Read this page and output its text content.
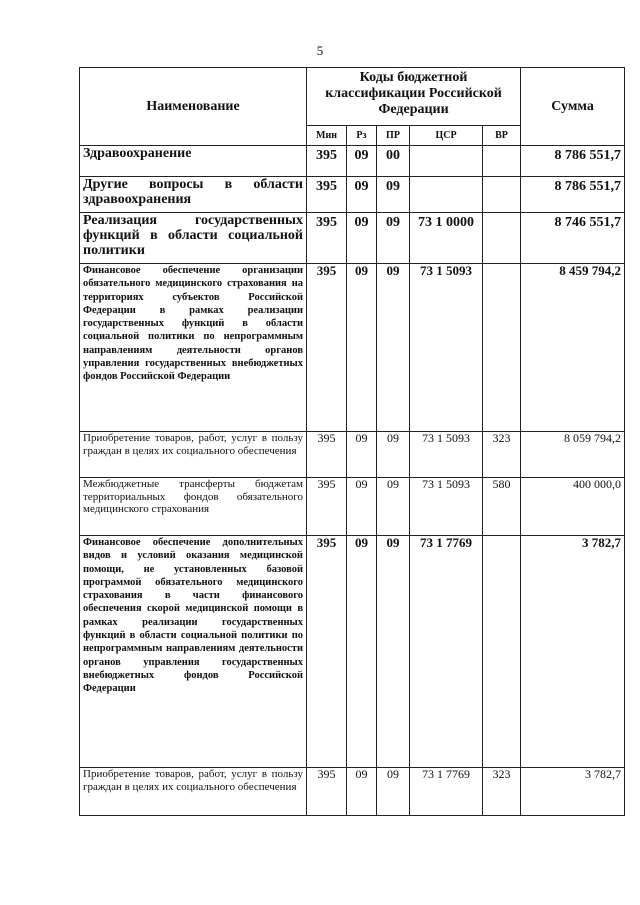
5
Наименование	Коды бюджетной классификации Российской Федерации					Сумма
	Мин	Рз	ПР	ЦСР	ВР	
Здравоохранение	395	09	00			8 786 551,7
Другие вопросы в области здравоохранения	395	09	09			8 786 551,7
Реализация государственных функций в области социальной политики	395	09	09	73 1 0000		8 746 551,7
Финансовое обеспечение организации обязательного медицинского страхования на территориях субъектов Российской Федерации в рамках реализации государственных функций в области социальной политики по непрограммным направлениям деятельности органов управления государственных внебюджетных фондов Российской Федерации	395	09	09	73 1 5093		8 459 794,2
Приобретение товаров, работ, услуг в пользу граждан в целях их социального обеспечения	395	09	09	73 1 5093	323	8 059 794,2
Межбюджетные трансферты бюджетам территориальных фондов обязательного медицинского страхования	395	09	09	73 1 5093	580	400 000,0
Финансовое обеспечение дополнительных видов и условий оказания медицинской помощи, не установленных базовой программой обязательного медицинского страхования в части финансового обеспечения скорой медицинской помощи в рамках реализации государственных функций в области социальной политики по непрограммным направлениям деятельности органов управления государственных внебюджетных фондов Российской Федерации	395	09	09	73 1 7769		3 782,7
Приобретение товаров, работ, услуг в пользу граждан в целях их социального обеспечения	395	09	09	73 1 7769	323	3 782,7
